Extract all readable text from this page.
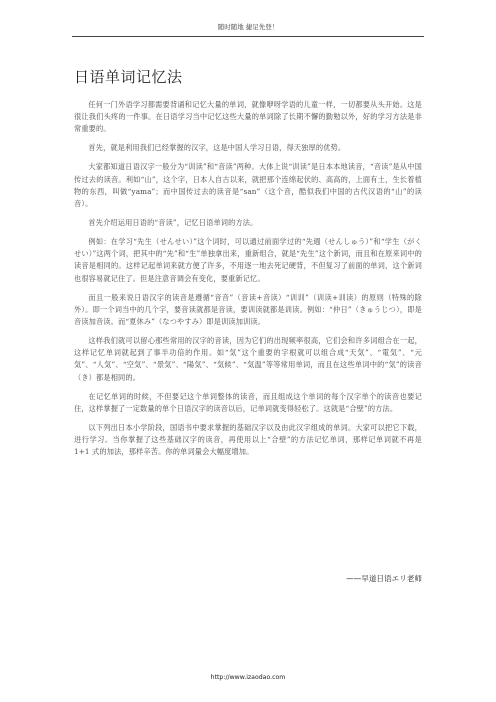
随时随地 捷足先登！
日语单词记忆法

任何一门外语学习都需要背诵和记忆大量的单词，就像咿呀学语的儿童一样，一切都要从头开始。这是很让我们头疼的一件事。在日语学习当中记忆这些大量的单词除了长期不懈的勤勉以外，好的学习方法是非常重要的。

首先，就是利用我们已经掌握的汉字，这是中国人学习日语，得天独厚的优势。

大家都知道日语汉字一般分为“训读”和“音读”两种。大体上说“训读”是日本本地读音，“音读”是从中国传过去的读音。利如“山”，这个字，日本人自古以来，就把那个连绵起伏的、高高的，上面有土，生长着植物的东西，叫做“yama”；而中国传过去的读音是“san”（这个音，酷似我们中国的古代汉语的“山”的读音）。

首先介绍运用日语的“音读”，记忆日语单词的方法。

例如：在学习“先生（せんせい）”这个词时，可以通过前面学过的“先週（せんしゅう）”和“学生（がくせい）”这两个词，把其中的“先”和“生”单独拿出来，重新组合，就是“先生”这个新词，而且和在原来词中的读音是相同的。这样记起单词来就方便了许多，不用逐一地去死记硬背，不但复习了前面的单词，这个新词也很容易就记住了。但是注意音调会有变化，要重新记忆。

而且一般来说日语汉字的读音是遵循“音音”（音读+音读）“训训”（训读+训读）的原则（特殊的除外）。即一个词当中的几个字，要音读就都是音读，要训读就都是训读。例如：“仲日”（きゅうじつ），即是音读加音读。而“夏休み”（なつやすみ）即是训读加训读。

这样我们就可以留心那些常用的汉字的音读，因为它们的出现频率很高，它们会和许多词组合在一起，这样记忆单词就起到了事半功倍的作用。如“気”这个重要的字根就可以组合成“天気”、“電気”、“元気”、“人気”、“空気”、“景気”、“陽気”、“気候”、“気温”等等常用单词，而且在这些单词中的“気”的读音（き）都是相同的。

在记忆单词的时候，不但要记这个单词整体的读音，而且组成这个单词的每个汉字单个的读音也要记住，这样掌握了一定数量的单个日语汉字的读音以后，记单词就变得轻松了。这就是“合壁”的方法。

以下列出日本小学阶段，国语书中要求掌握的基础汉字以及由此汉字组成的单词。大家可以把它下载，进行学习。当你掌握了这些基础汉字的读音，再使用以上“合壁”的方法记忆单词，那样记单词就不再是 1+1 式的加法，那样辛苦。你的单词量会大幅度增加。

——早道日语エリ老师
http://www.izaodao.com
